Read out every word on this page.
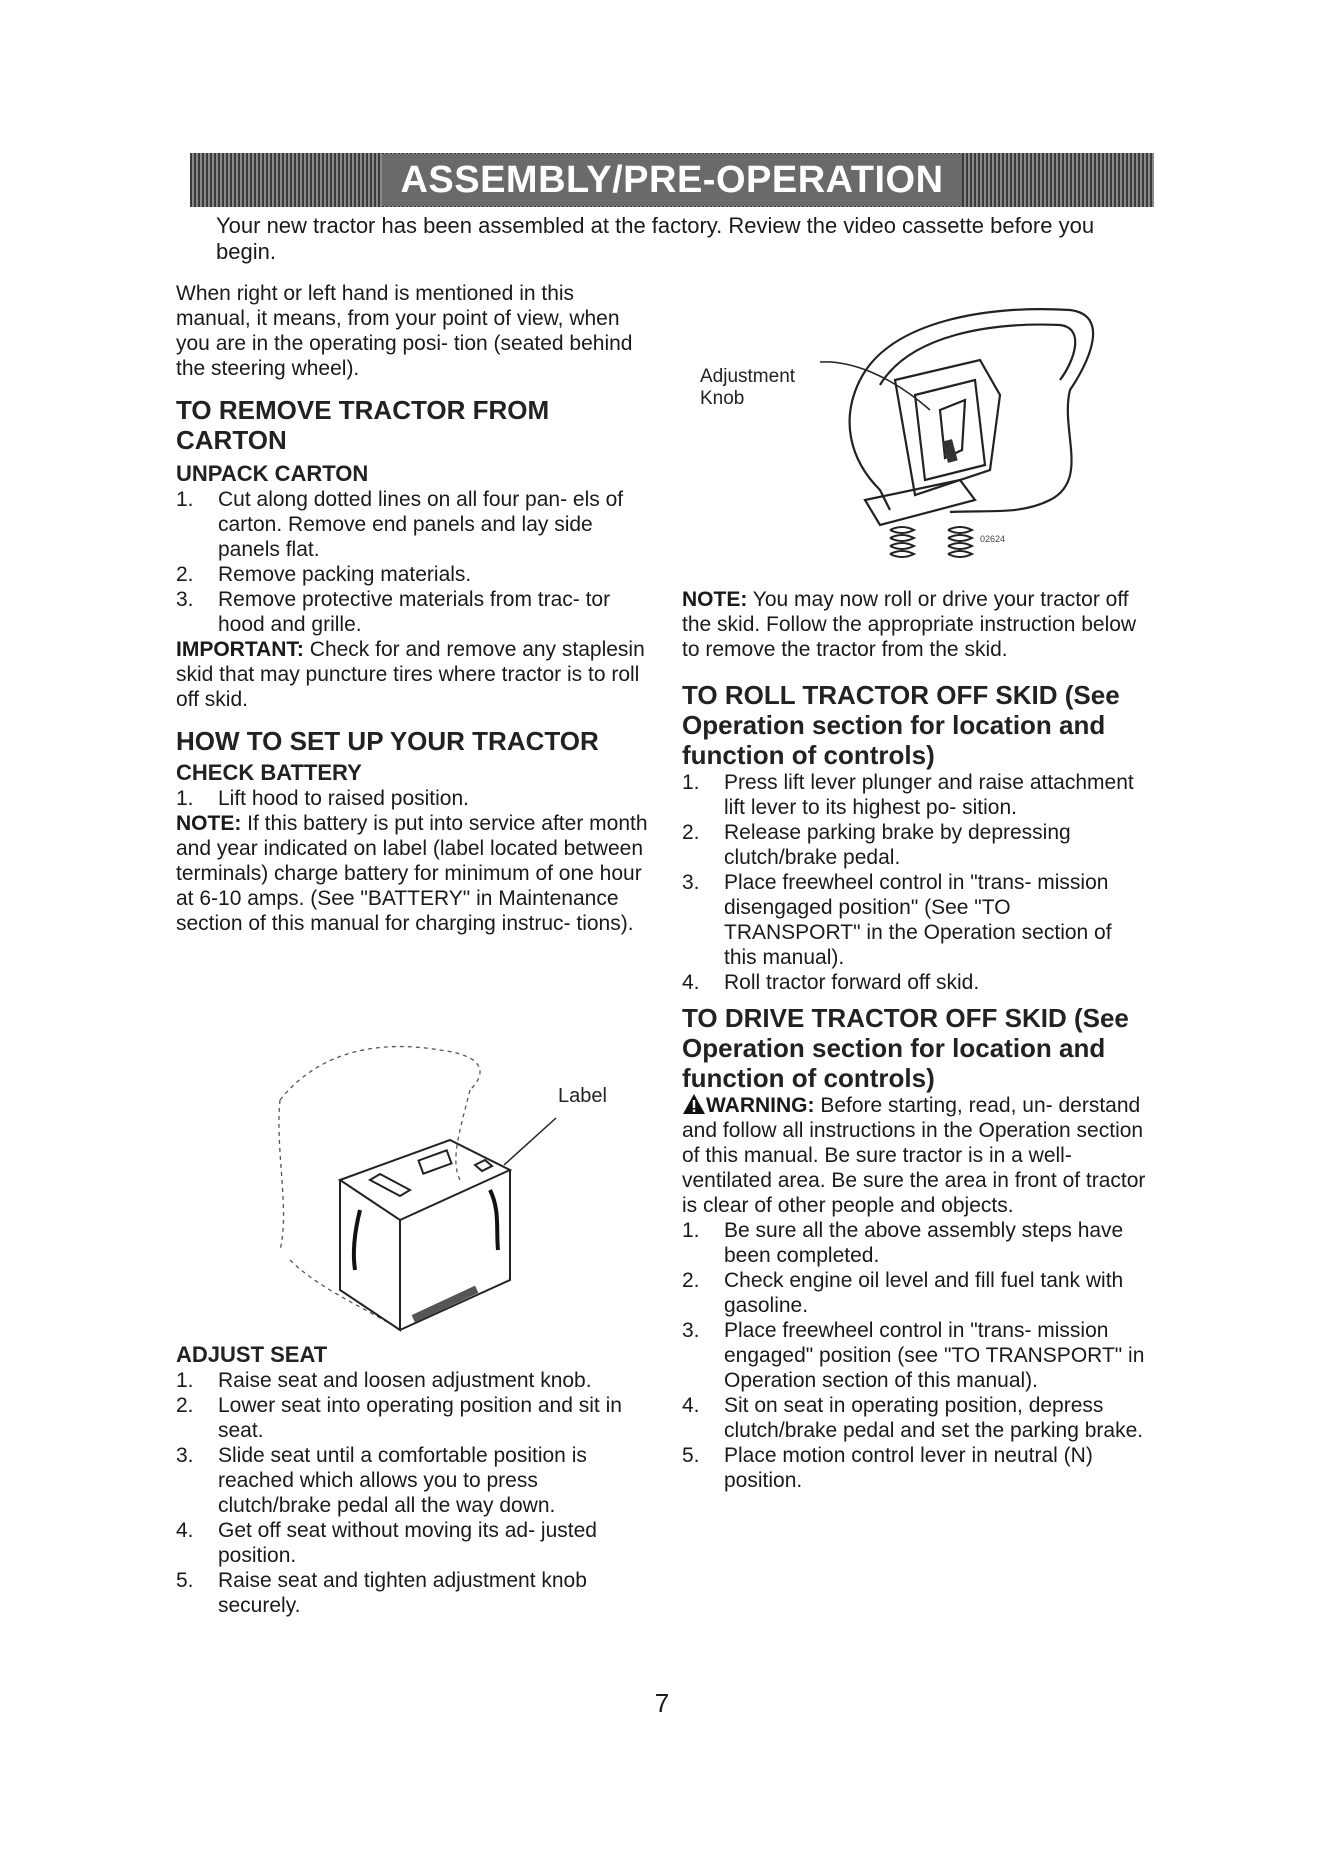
ASSEMBLY/PRE-OPERATION

Your new tractor has been assembled at the factory. Review the video cassette before you begin.

When right or left hand is mentioned in this manual, it means, from your point of view, when you are in the operating posi- tion (seated behind the steering wheel).

TO REMOVE TRACTOR FROM CARTON
UNPACK CARTON
1.	Cut along dotted lines on all four pan- els of carton. Remove end panels and lay side panels flat.
2.	Remove packing materials.
3.	Remove protective materials from trac- tor hood and grille.

IMPORTANT: Check for and remove any staplesin skid that may puncture tires where tractor is to roll off skid.

HOW TO SET UP YOUR TRACTOR
CHECK BATTERY
1.	Lift hood to raised position.

NOTE: If this battery is put into service after month and year indicated on label (label located between terminals) charge battery for minimum of one hour at 6-10 amps. (See "BATTERY" in Maintenance section of this manual for charging instruc- tions).

Label
ADJUST SEAT
1.	Raise seat and loosen adjustment knob.
2.	Lower seat into operating position and sit in seat.
3.	Slide seat until a comfortable position is reached which allows you to press clutch/brake pedal all the way down.
4.	Get off seat without moving its ad- justed position.
5.	Raise seat and tighten adjustment knob securely.
Adjustment
Knob
02624

NOTE: You may now roll or drive your tractor off the skid. Follow the appropriate instruction below to remove the tractor from the skid.

TO ROLL TRACTOR OFF SKID (See Operation section for location and function of controls)
1.	Press lift lever plunger and raise attachment lift lever to its highest po- sition.
2.	Release parking brake by depressing clutch/brake pedal.
3.	Place freewheel control in "trans- mission disengaged position" (See "TO TRANSPORT" in the Operation section of this manual).
4.	Roll tractor forward off skid.
TO DRIVE TRACTOR OFF SKID (See Operation section for location and function of controls)

WARNING: Before starting, read, un- derstand and follow all instructions in the Operation section of this manual. Be sure tractor is in a well-ventilated area. Be sure the area in front of tractor is clear of other people and objects.

1.	Be sure all the above assembly steps have been completed.
2.	Check engine oil level and fill fuel tank with gasoline.
3.	Place freewheel control in "trans- mission engaged" position (see "TO TRANSPORT" in Operation section of this manual).
4.	Sit on seat in operating position, depress clutch/brake pedal and set the parking brake.
5.	Place motion control lever in neutral (N) position.
7
